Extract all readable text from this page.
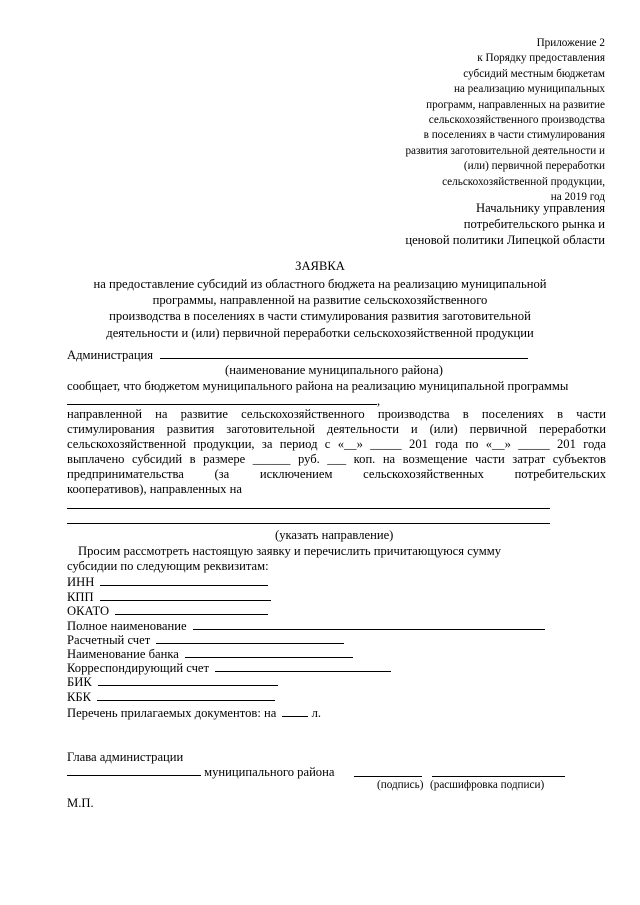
Приложение 2
к Порядку предоставления
субсидий местным бюджетам
на реализацию муниципальных
программ, направленных на развитие
сельскохозяйственного производства
в поселениях в части стимулирования
развития заготовительной деятельности и
(или) первичной переработки
сельскохозяйственной продукции,
на 2019 год
Начальнику управления
потребительского рынка и
ценовой политики Липецкой области
ЗАЯВКА
на предоставление субсидий из областного бюджета на реализацию муниципальной
программы, направленной на развитие сельскохозяйственного
производства в поселениях в части стимулирования развития заготовительной
деятельности и (или) первичной переработки сельскохозяйственной продукции
Администрация
(наименование муниципального района)
сообщает, что бюджетом муниципального района на реализацию муниципальной программы
,
направленной на развитие сельскохозяйственного производства в поселениях в части
стимулирования развития заготовительной деятельности и (или) первичной переработки
сельскохозяйственной продукции, за период с «__» _____ 201 года по «__» _____ 201 года
выплачено субсидий в размере ______ руб. ___ коп. на возмещение части затрат субъектов
предпринимательства (за исключением сельскохозяйственных потребительских
кооперативов), направленных на
(указать направление)
Просим рассмотреть настоящую заявку и перечислить причитающуюся сумму
субсидии по следующим реквизитам:
ИНН
КПП
ОКАТО
Полное наименование
Расчетный счет
Наименование банка
Корреспондирующий счет
БИК
КБК
Перечень прилагаемых документов: на	л.
Глава администрации
муниципального района
(подпись) (расшифровка подписи)
М.П.
